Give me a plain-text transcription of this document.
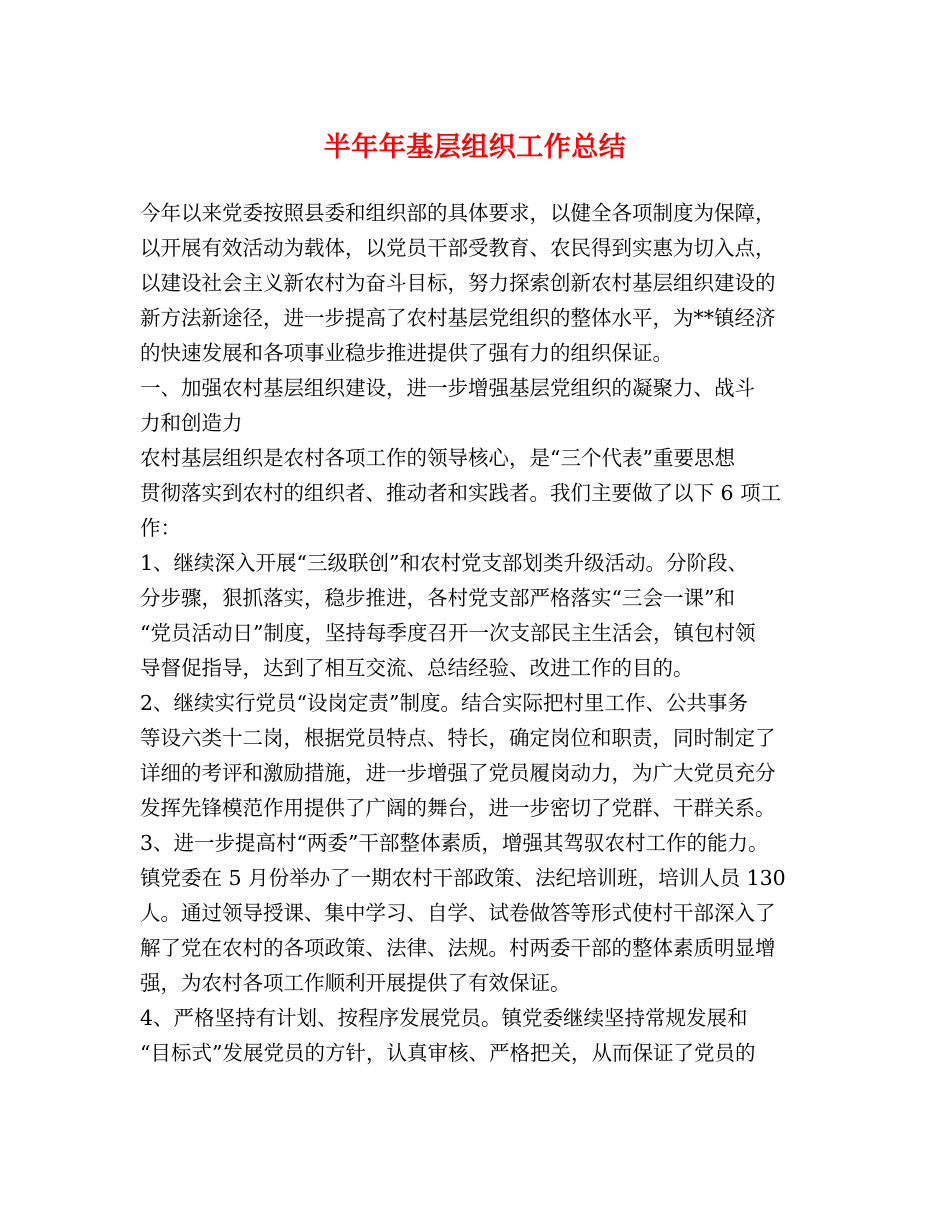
半年年基层组织工作总结
今年以来党委按照县委和组织部的具体要求，以健全各项制度为保障，
以开展有效活动为载体，以党员干部受教育、农民得到实惠为切入点，
以建设社会主义新农村为奋斗目标，努力探索创新农村基层组织建设的
新方法新途径，进一步提高了农村基层党组织的整体水平，为**镇经济
的快速发展和各项事业稳步推进提供了强有力的组织保证。
一、加强农村基层组织建设，进一步增强基层党组织的凝聚力、战斗
力和创造力
农村基层组织是农村各项工作的领导核心，是“三个代表”重要思想
贯彻落实到农村的组织者、推动者和实践者。我们主要做了以下 6 项工
作：
1、继续深入开展“三级联创”和农村党支部划类升级活动。分阶段、
分步骤，狠抓落实，稳步推进，各村党支部严格落实“三会一课”和
“党员活动日”制度，坚持每季度召开一次支部民主生活会，镇包村领
导督促指导，达到了相互交流、总结经验、改进工作的目的。
2、继续实行党员“设岗定责”制度。结合实际把村里工作、公共事务
等设六类十二岗，根据党员特点、特长，确定岗位和职责，同时制定了
详细的考评和激励措施，进一步增强了党员履岗动力，为广大党员充分
发挥先锋模范作用提供了广阔的舞台，进一步密切了党群、干群关系。
3、进一步提高村“两委”干部整体素质，增强其驾驭农村工作的能力。
镇党委在 5 月份举办了一期农村干部政策、法纪培训班，培训人员 130
人。通过领导授课、集中学习、自学、试卷做答等形式使村干部深入了
解了党在农村的各项政策、法律、法规。村两委干部的整体素质明显增
强，为农村各项工作顺利开展提供了有效保证。
4、严格坚持有计划、按程序发展党员。镇党委继续坚持常规发展和
“目标式”发展党员的方针，认真审核、严格把关，从而保证了党员的
